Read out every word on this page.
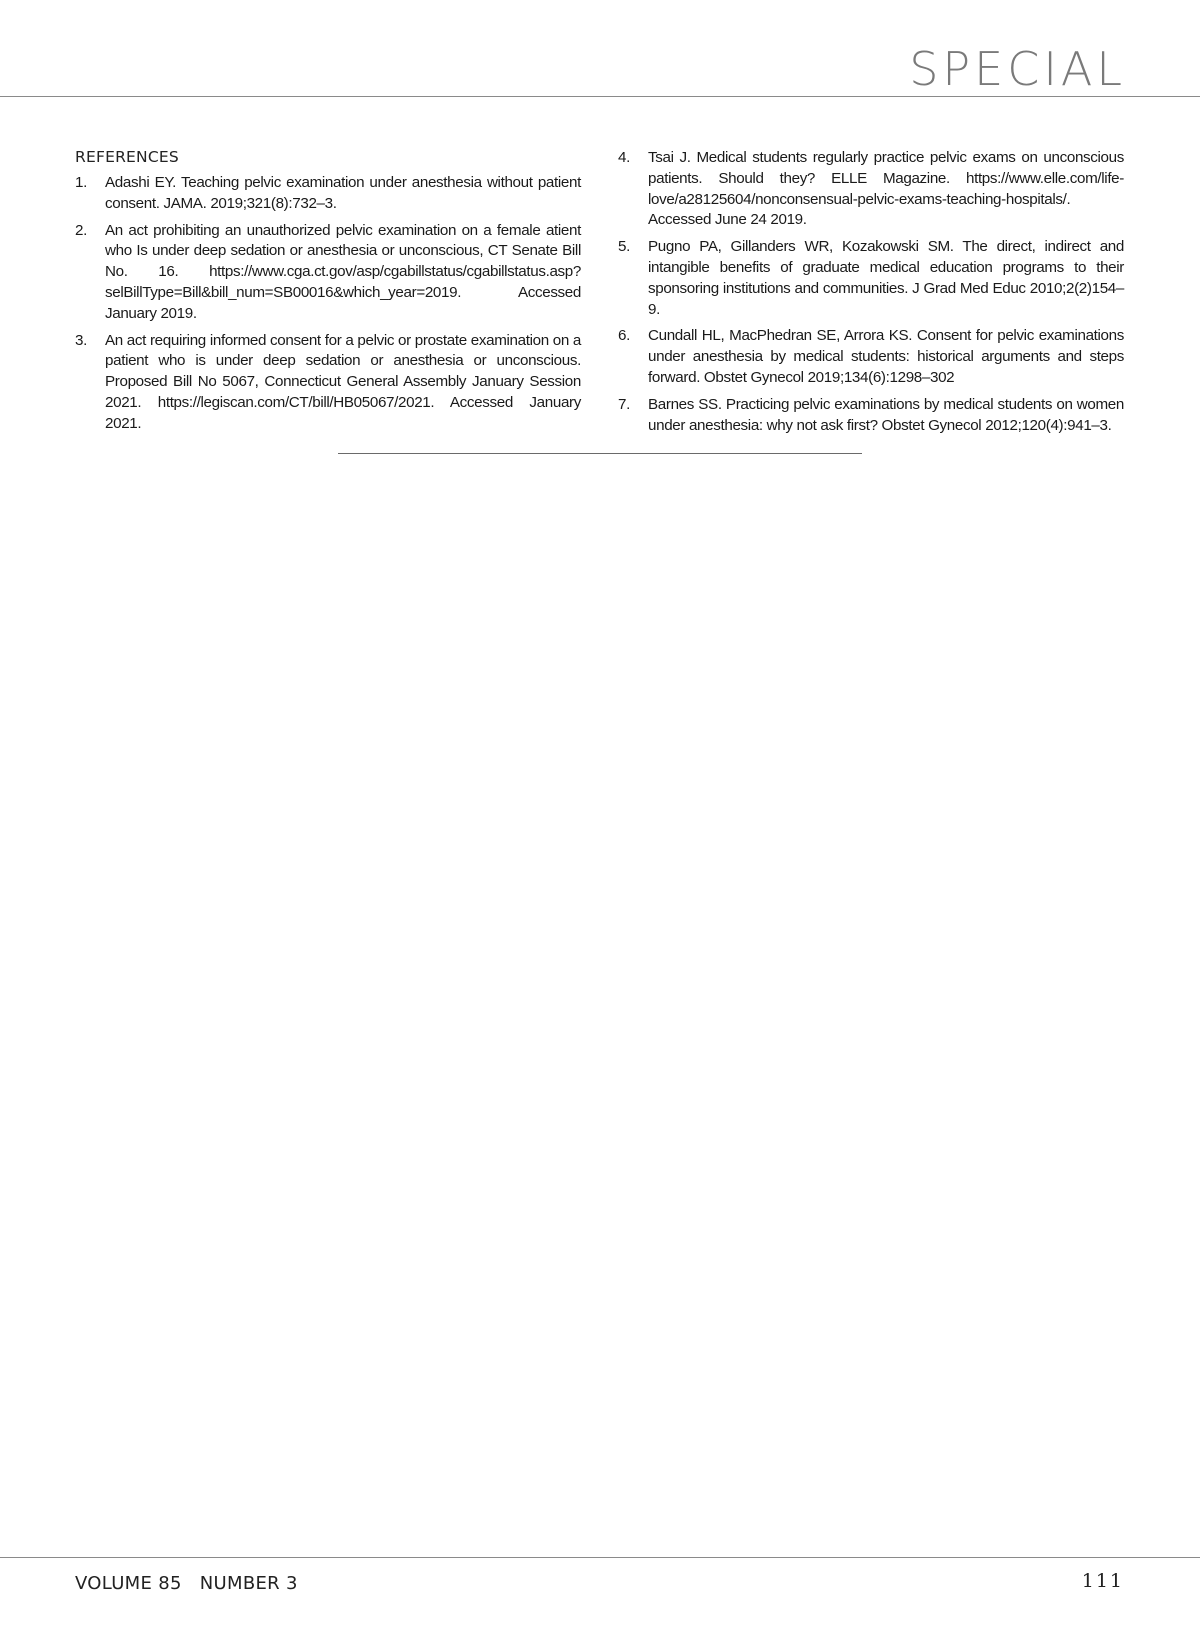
SPECIAL
REFERENCES
1. Adashi EY. Teaching pelvic examination under anesthesia without patient consent. JAMA. 2019;321(8):732–3.
2. An act prohibiting an unauthorized pelvic examination on a female atient who Is under deep sedation or anesthesia or unconscious, CT Senate Bill No. 16. https://www.cga.ct.gov/asp/cgabillstatus/cgabillstatus.asp?selBillType=Bill&bill_num=SB00016&which_year=2019. Accessed January 2019.
3. An act requiring informed consent for a pelvic or prostate examination on a patient who is under deep sedation or anesthesia or unconscious. Proposed Bill No 5067, Connecticut General Assembly January Session 2021. https://legiscan.com/CT/bill/HB05067/2021. Accessed January 2021.
4. Tsai J. Medical students regularly practice pelvic exams on unconscious patients. Should they? ELLE Magazine. https://www.elle.com/life-love/a28125604/nonconsensual-pelvic-exams-teaching-hospitals/. Accessed June 24 2019.
5. Pugno PA, Gillanders WR, Kozakowski SM. The direct, indirect and intangible benefits of graduate medical education programs to their sponsoring institutions and communities. J Grad Med Educ 2010;2(2)154–9.
6. Cundall HL, MacPhedran SE, Arrora KS. Consent for pelvic examinations under anesthesia by medical students: historical arguments and steps forward. Obstet Gynecol 2019;134(6):1298–302
7. Barnes SS. Practicing pelvic examinations by medical students on women under anesthesia: why not ask first? Obstet Gynecol 2012;120(4):941–3.
VOLUME 85   NUMBER 3	111
